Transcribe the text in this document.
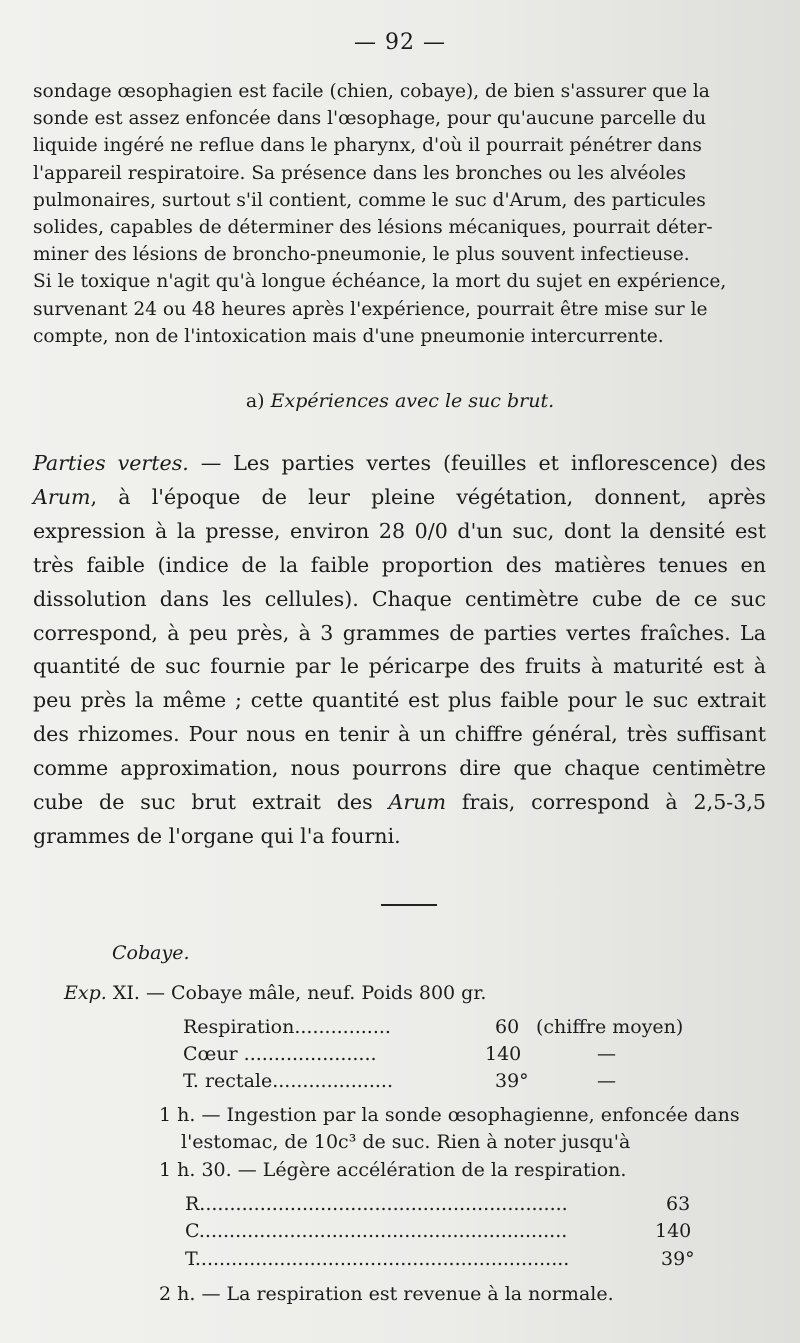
— 92 —

sondage œsophagien est facile (chien, cobaye), de bien s'assurer que la

sonde est assez enfoncée dans l'œsophage, pour qu'aucune parcelle du

liquide ingéré ne reflue dans le pharynx, d'où il pourrait pénétrer dans

l'appareil respiratoire. Sa présence dans les bronches ou les alvéoles

pulmonaires, surtout s'il contient, comme le suc d'Arum, des particules

solides, capables de déterminer des lésions mécaniques, pourrait déter-

miner des lésions de broncho-pneumonie, le plus souvent infectieuse.

Si le toxique n'agit qu'à longue échéance, la mort du sujet en expérience,

survenant 24 ou 48 heures après l'expérience, pourrait être mise sur le

compte, non de l'intoxication mais d'une pneumonie intercurrente.

a) Expériences avec le suc brut.

Parties vertes. — Les parties vertes (feuilles et inflorescence) des Arum, à l'époque de leur pleine végétation, donnent, après expression à la presse, environ 28 0/0 d'un suc, dont la densité est très faible (indice de la faible proportion des matières tenues en dissolution dans les cellules). Chaque centimètre cube de ce suc correspond, à peu près, à 3 grammes de parties vertes fraîches. La quantité de suc fournie par le péricarpe des fruits à maturité est à peu près la même ; cette quantité est plus faible pour le suc extrait des rhizomes. Pour nous en tenir à un chiffre général, très suffisant comme approximation, nous pourrons dire que chaque centimètre cube de suc brut extrait des Arum frais, correspond à 2,5-3,5 grammes de l'organe qui l'a fourni.

Cobaye.
Exp. XI. — Cobaye mâle, neuf. Poids 800 gr.
Respiration................	60 (chiffre moyen)
Cœur ......................	140	—
T. rectale....................	39°	—
1 h. — Ingestion par la sonde œsophagienne, enfoncée dans
l'estomac, de 10c³ de suc. Rien à noter jusqu'à
1 h. 30. — Légère accélération de la respiration.
R.............................................................	63
C.............................................................	140
T..............................................................	39°
2 h. — La respiration est revenue à la normale.
